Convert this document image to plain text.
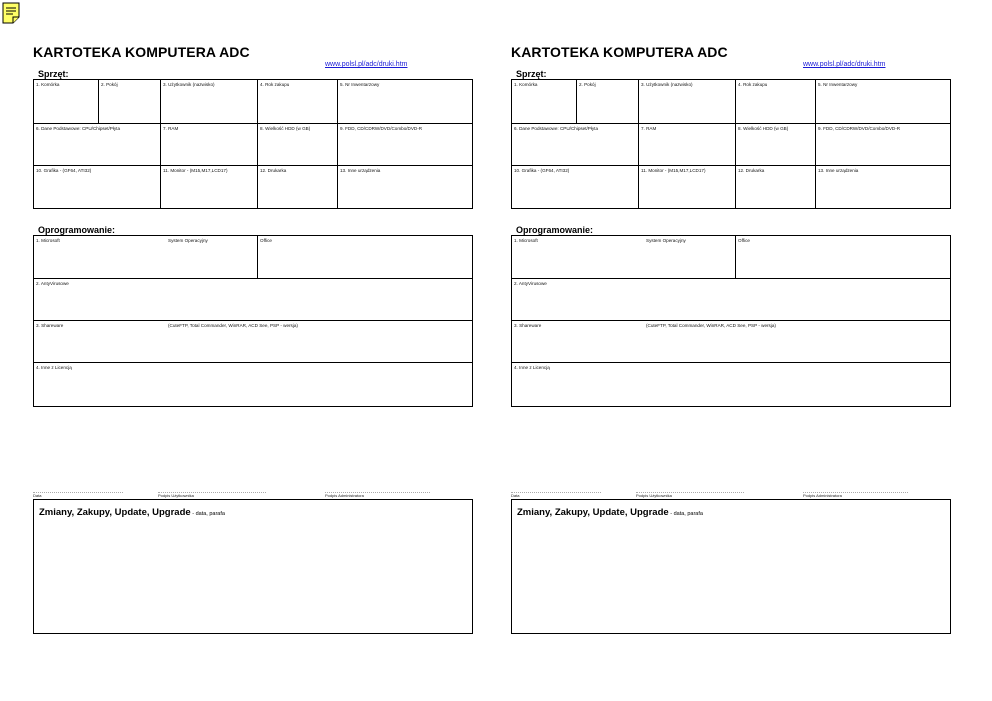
KARTOTEKA KOMPUTERA ADC
www.polsl.pl/adc/druki.htm
Sprzęt:
1. Komórka	2. Pokój	3. Użytkownik (nazwisko)	4. Rok zakupu	5. Nr Inwentarzowy
6. Dane Podstawowe: CPU/Chipset/Płyta	7. RAM	8. Wielkość HDD (w GB)	9. FDD, CD/CDRW/DVD/Combo/DVD-R
10. Grafika - (GF64, ATI32)	11. Monitor - (M15,M17,LCD17)	12. Drukarka	13. Inne urządzenia
Oprogramowanie:
1. Microsoft	System Operacyjny	Office
2. AntyVirusowe
3. Shareware	(CuteFTP, Total Commander, WinRAR, ACD See, PSP - wersja)
4. Inne z Licencją
Data	Podpis Użytkownika	Podpis Administratora
Zmiany, Zakupy, Update, Upgrade - data, parafa
KARTOTEKA KOMPUTERA ADC
www.polsl.pl/adc/druki.htm
Sprzęt:
1. Komórka	2. Pokój	3. Użytkownik (nazwisko)	4. Rok zakupu	5. Nr Inwentarzowy
6. Dane Podstawowe: CPU/Chipset/Płyta	7. RAM	8. Wielkość HDD (w GB)	9. FDD, CD/CDRW/DVD/Combo/DVD-R
10. Grafika - (GF64, ATI32)	11. Monitor - (M15,M17,LCD17)	12. Drukarka	13. Inne urządzenia
Oprogramowanie:
1. Microsoft	System Operacyjny	Office
2. AntyVirusowe
3. Shareware	(CuteFTP, Total Commander, WinRAR, ACD See, PSP - wersja)
4. Inne z Licencją
Data	Podpis Użytkownika	Podpis Administratora
Zmiany, Zakupy, Update, Upgrade - data, parafa
